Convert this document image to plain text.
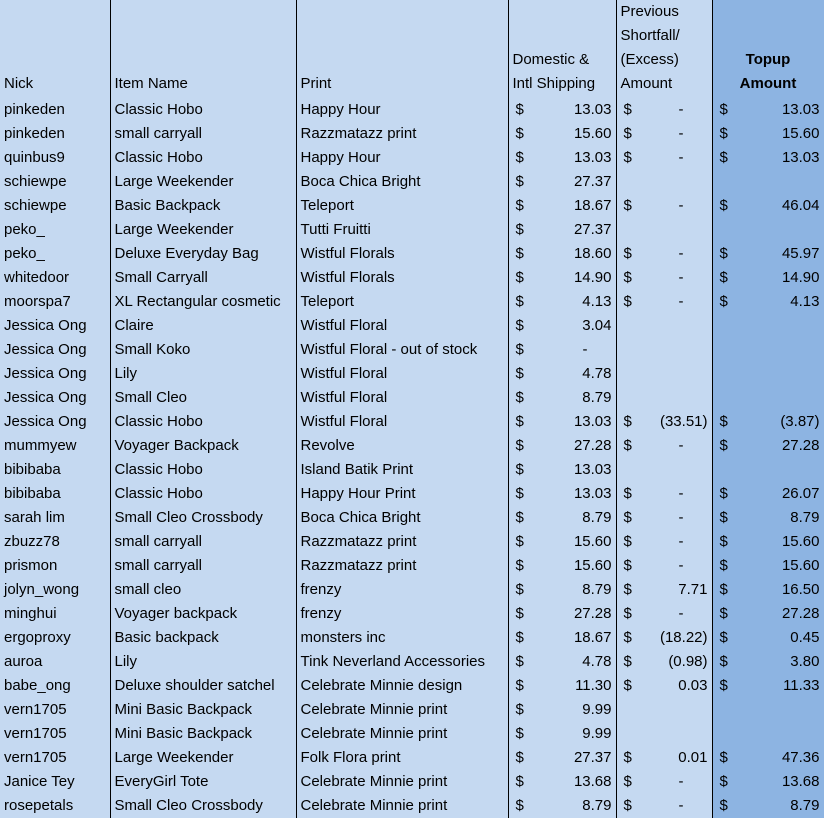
Nick	Item Name	Print	Domestic &
Intl Shipping	Previous
Shortfall/
(Excess)
Amount	Topup
Amount
pinkeden	Classic Hobo	Happy Hour	$ 13.03	$ -	$ 13.03

pinkeden	small carryall	Razzmatazz print	$ 15.60	$ -	$ 15.60

quinbus9	Classic Hobo	Happy Hour	$ 13.03	$ -	$ 13.03

schiewpe	Large Weekender	Boca Chica Bright	$ 27.37		

schiewpe	Basic Backpack	Teleport	$ 18.67	$ -	$ 46.04

peko_	Large Weekender	Tutti Fruitti	$ 27.37		

peko_	Deluxe Everyday Bag	Wistful Florals	$ 18.60	$ -	$ 45.97

whitedoor	Small Carryall	Wistful Florals	$ 14.90	$ -	$ 14.90

moorspa7	XL Rectangular cosmetic	Teleport	$ 4.13	$ -	$ 4.13

Jessica Ong	Claire	Wistful Floral	$ 3.04		

Jessica Ong	Small Koko	Wistful Floral - out of stock	$ -		

Jessica Ong	Lily	Wistful Floral	$ 4.78		

Jessica Ong	Small Cleo	Wistful Floral	$ 8.79		

Jessica Ong	Classic Hobo	Wistful Floral	$ 13.03	$ (33.51)	$ (3.87)

mummyew	Voyager Backpack	Revolve	$ 27.28	$ -	$ 27.28

bibibaba	Classic Hobo	Island Batik Print	$ 13.03		

bibibaba	Classic Hobo	Happy Hour Print	$ 13.03	$ -	$ 26.07

sarah lim	Small Cleo Crossbody	Boca Chica Bright	$ 8.79	$ -	$ 8.79

zbuzz78	small carryall	Razzmatazz print	$ 15.60	$ -	$ 15.60

prismon	small carryall	Razzmatazz print	$ 15.60	$ -	$ 15.60

jolyn_wong	small cleo	frenzy	$ 8.79	$ 7.71	$ 16.50

minghui	Voyager backpack	frenzy	$ 27.28	$ -	$ 27.28

ergoproxy	Basic backpack	monsters inc	$ 18.67	$ (18.22)	$ 0.45

auroa	Lily	Tink Neverland Accessories	$ 4.78	$ (0.98)	$ 3.80

babe_ong	Deluxe shoulder satchel	Celebrate Minnie design	$ 11.30	$ 0.03	$ 11.33

vern1705	Mini Basic Backpack	Celebrate Minnie print	$ 9.99		

vern1705	Mini Basic Backpack	Celebrate Minnie print	$ 9.99		

vern1705	Large Weekender	Folk Flora print	$ 27.37	$ 0.01	$ 47.36

Janice Tey	EveryGirl Tote	Celebrate Minnie print	$ 13.68	$ -	$ 13.68

rosepetals	Small Cleo Crossbody	Celebrate Minnie print	$ 8.79	$ -	$ 8.79
